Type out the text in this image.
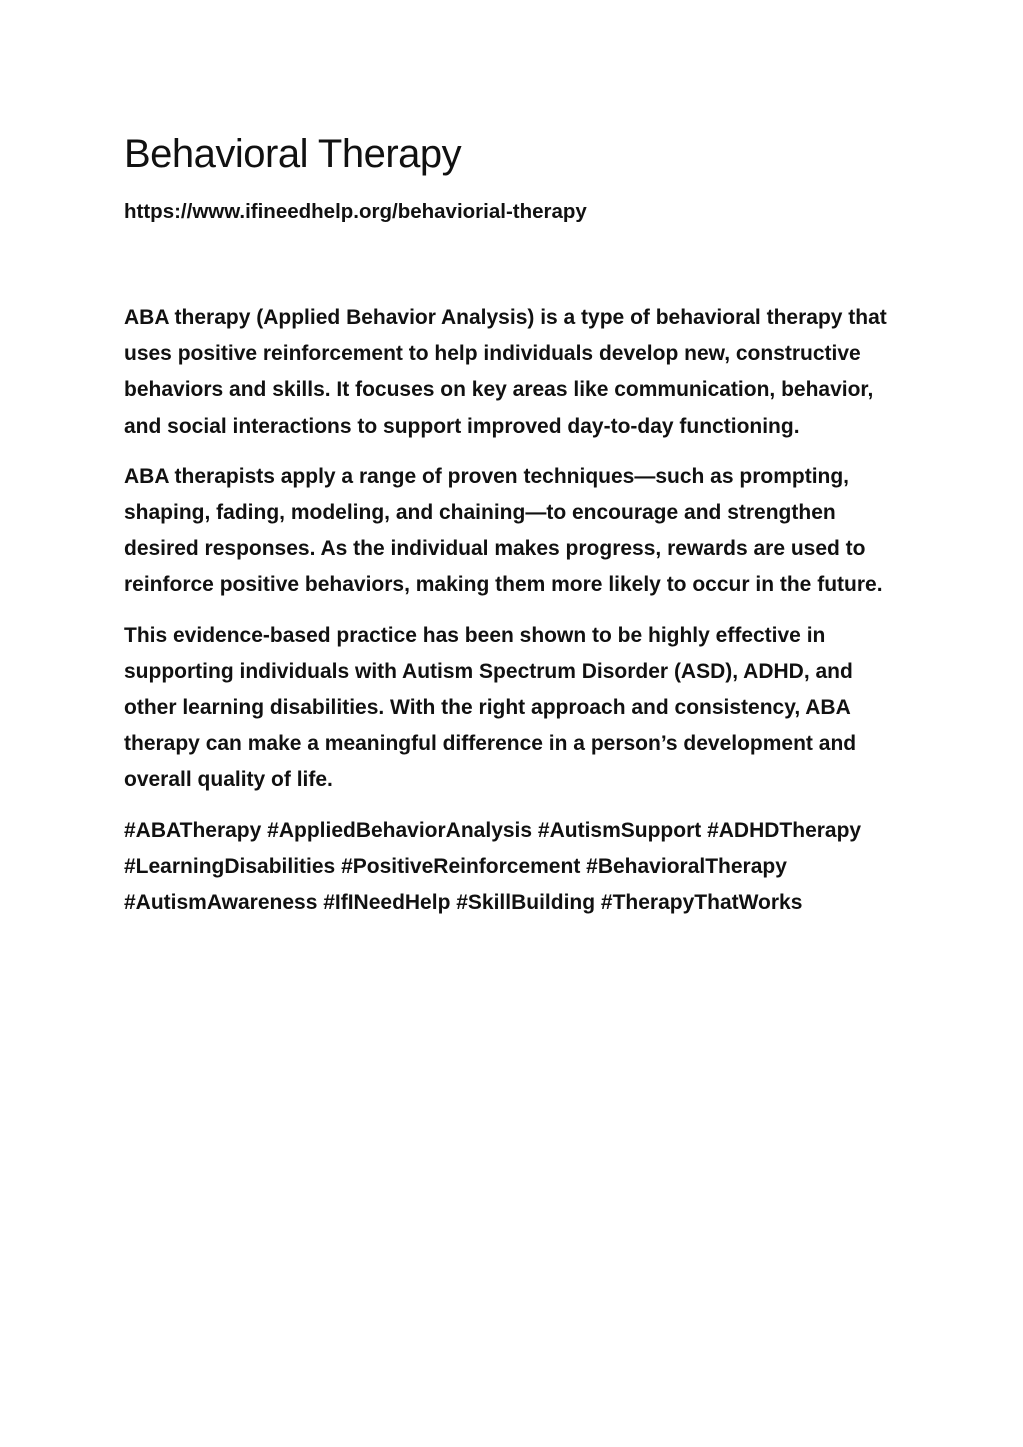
Behavioral Therapy

https://www.ifineedhelp.org/behaviorial-therapy

ABA therapy (Applied Behavior Analysis) is a type of behavioral therapy that uses positive reinforcement to help individuals develop new, constructive behaviors and skills. It focuses on key areas like communication, behavior, and social interactions to support improved day-to-day functioning.

ABA therapists apply a range of proven techniques—such as prompting, shaping, fading, modeling, and chaining—to encourage and strengthen desired responses. As the individual makes progress, rewards are used to reinforce positive behaviors, making them more likely to occur in the future.

This evidence-based practice has been shown to be highly effective in supporting individuals with Autism Spectrum Disorder (ASD), ADHD, and other learning disabilities. With the right approach and consistency, ABA therapy can make a meaningful difference in a person’s development and overall quality of life.

#ABATherapy #AppliedBehaviorAnalysis #AutismSupport #ADHDTherapy #LearningDisabilities #PositiveReinforcement #BehavioralTherapy #AutismAwareness #IfINeedHelp #SkillBuilding #TherapyThatWorks
